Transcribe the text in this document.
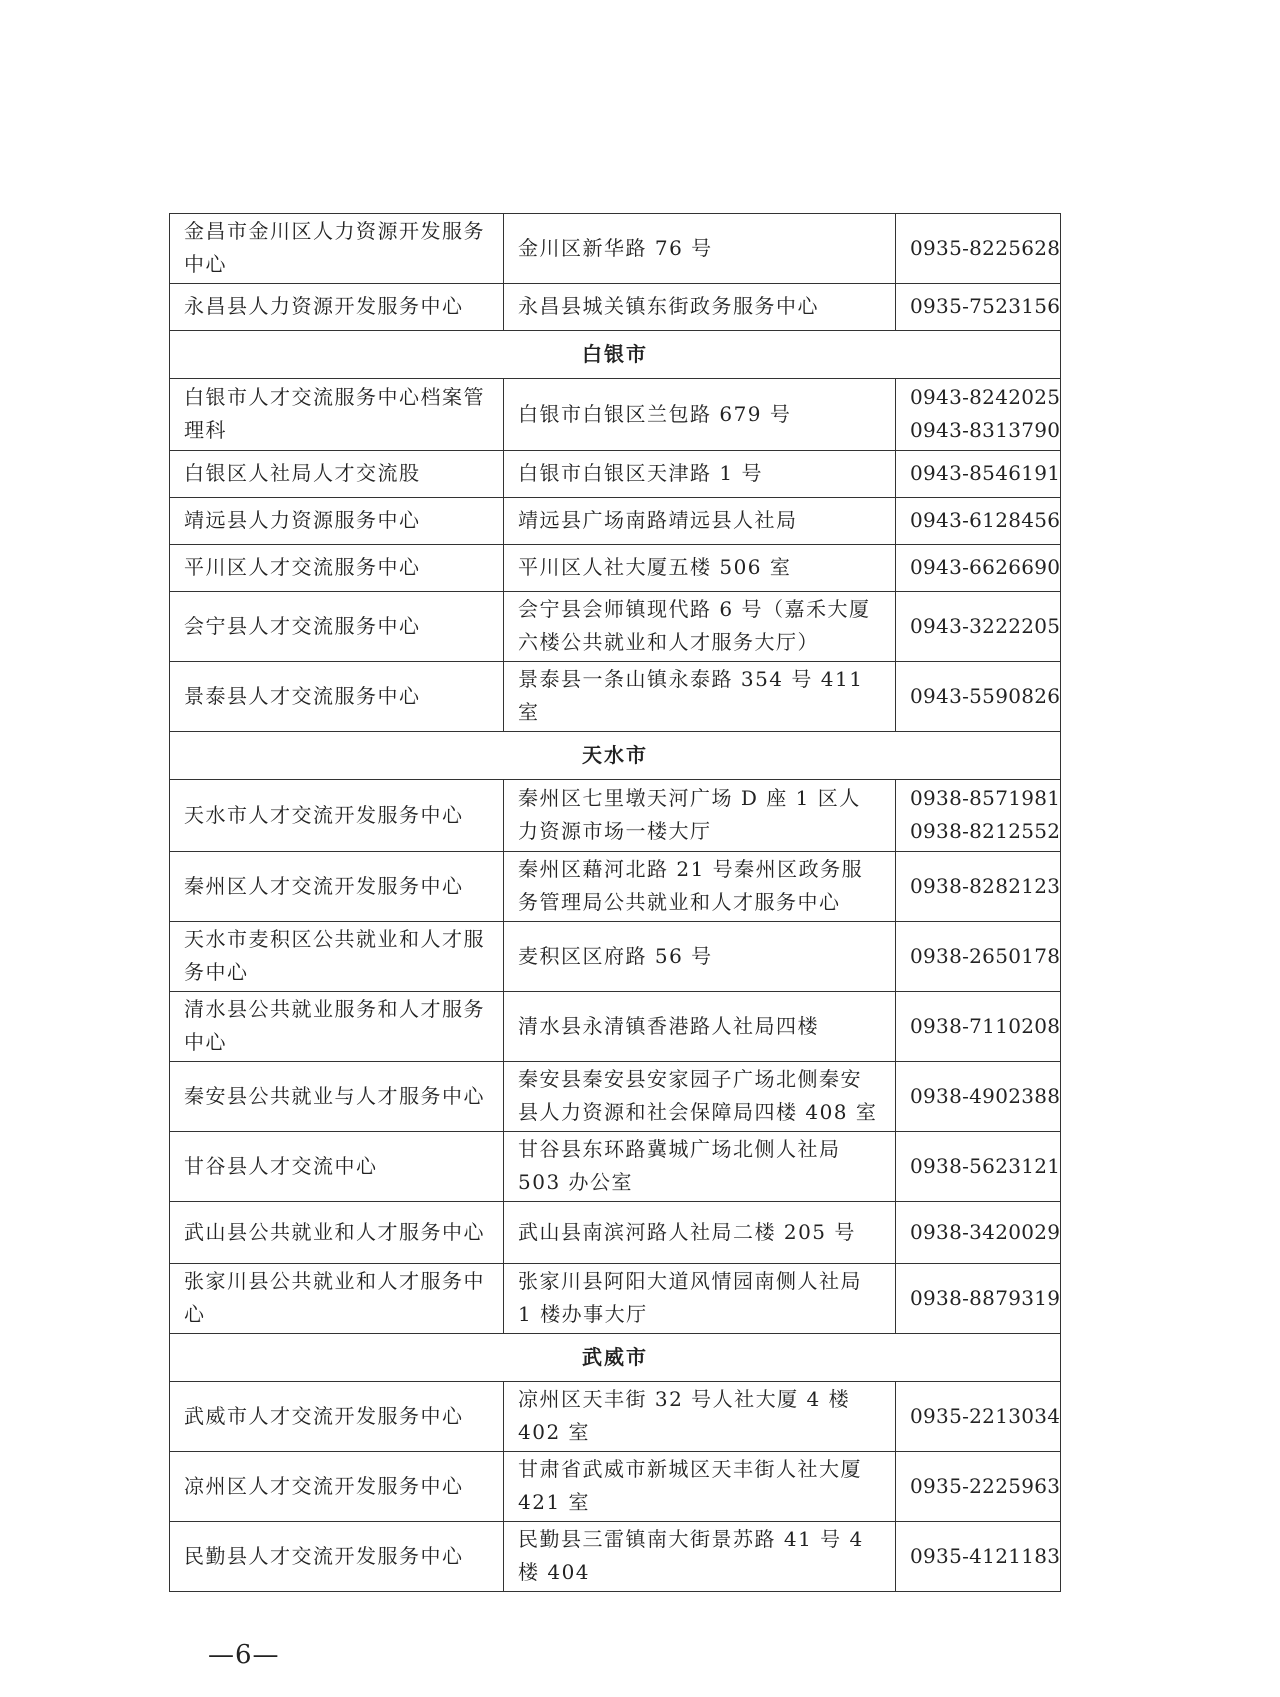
金昌市金川区人力资源开发服务中心	金川区新华路 76 号	0935-8225628

永昌县人力资源开发服务中心	永昌县城关镇东街政务服务中心	0935-7523156

白银市		
白银市人才交流服务中心档案管理科	白银市白银区兰包路 679 号	0943-8242025
0943-8313790

白银区人社局人才交流股	白银市白银区天津路 1 号	0943-8546191

靖远县人力资源服务中心	靖远县广场南路靖远县人社局	0943-6128456

平川区人才交流服务中心	平川区人社大厦五楼 506 室	0943-6626690

会宁县人才交流服务中心	会宁县会师镇现代路 6 号（嘉禾大厦六楼公共就业和人才服务大厅）	0943-3222205

景泰县人才交流服务中心	景泰县一条山镇永泰路 354 号 411 室	0943-5590826

天水市		
天水市人才交流开发服务中心	秦州区七里墩天河广场 D 座 1 区人力资源市场一楼大厅	0938-8571981
0938-8212552

秦州区人才交流开发服务中心	秦州区藉河北路 21 号秦州区政务服务管理局公共就业和人才服务中心	0938-8282123

天水市麦积区公共就业和人才服务中心	麦积区区府路 56 号	0938-2650178

清水县公共就业服务和人才服务中心	清水县永清镇香港路人社局四楼	0938-7110208

秦安县公共就业与人才服务中心	秦安县秦安县安家园子广场北侧秦安县人力资源和社会保障局四楼 408 室	0938-4902388

甘谷县人才交流中心	甘谷县东环路冀城广场北侧人社局 503 办公室	0938-5623121

武山县公共就业和人才服务中心	武山县南滨河路人社局二楼 205 号	0938-3420029

张家川县公共就业和人才服务中心	张家川县阿阳大道风情园南侧人社局 1 楼办事大厅	0938-8879319

武威市		
武威市人才交流开发服务中心	凉州区天丰街 32 号人社大厦 4 楼 402 室	0935-2213034

凉州区人才交流开发服务中心	甘肃省武威市新城区天丰街人社大厦 421 室	0935-2225963

民勤县人才交流开发服务中心	民勤县三雷镇南大街景苏路 41 号 4 楼 404	0935-4121183
—6—
